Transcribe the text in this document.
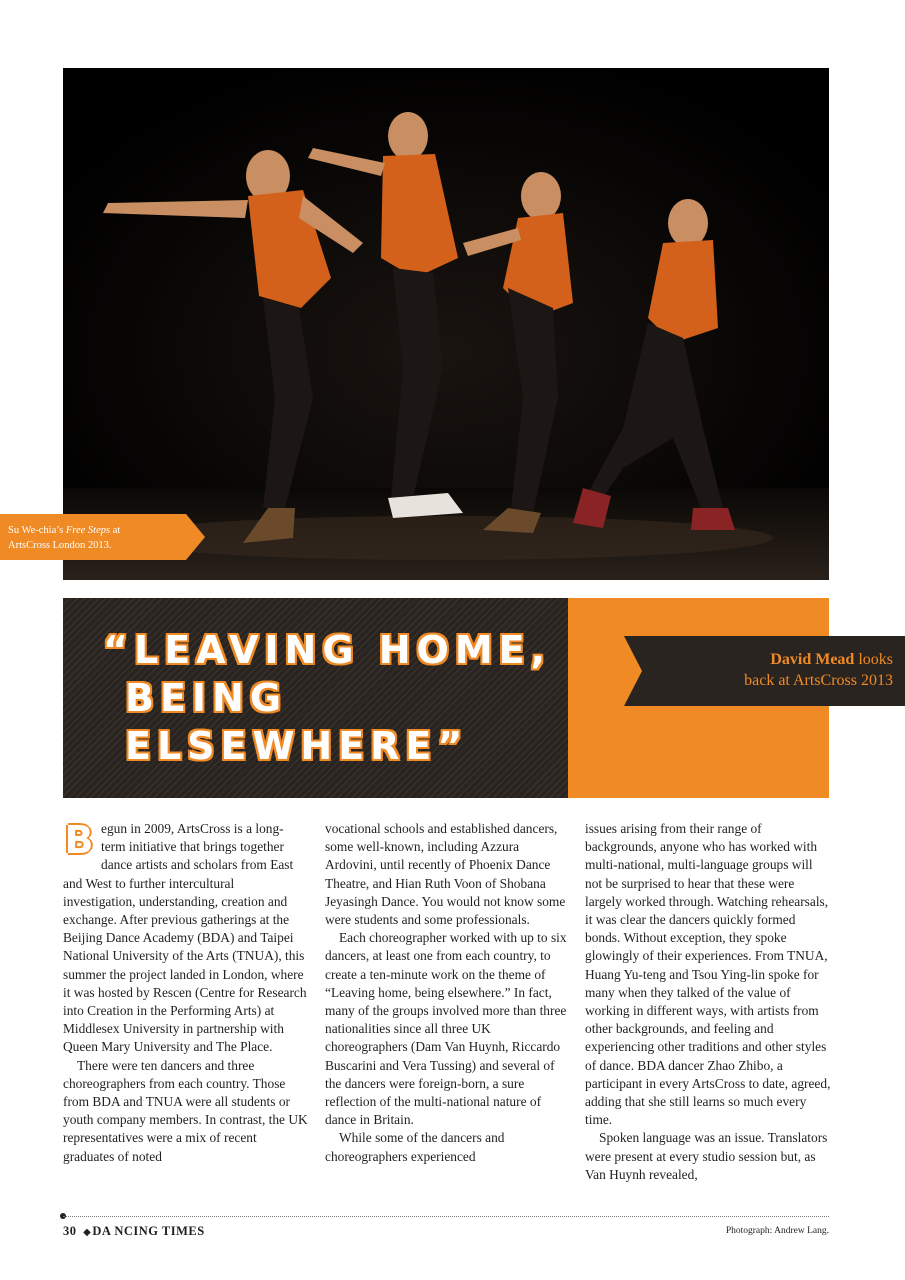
Su We-chia’s Free Steps at
ArtsCross London 2013.
“LEAVING HOME,
BEING
ELSEWHERE”
David Mead looks
back at ArtsCross 2013

Begun in 2009, ArtsCross is a long-term initiative that brings together dance artists and scholars from East and West to further intercultural investigation, understanding, creation and exchange. After previous gatherings at the Beijing Dance Academy (BDA) and Taipei National University of the Arts (TNUA), this summer the project landed in London, where it was hosted by Rescen (Centre for Research into Creation in the Performing Arts) at Middlesex University in partnership with Queen Mary University and The Place.

There were ten dancers and three choreographers from each country. Those from BDA and TNUA were all students or youth company members. In contrast, the UK representatives were a mix of recent graduates of noted

vocational schools and established dancers, some well-known, including Azzura Ardovini, until recently of Phoenix Dance Theatre, and Hian Ruth Voon of Shobana Jeyasingh Dance. You would not know some were students and some professionals.

Each choreographer worked with up to six dancers, at least one from each country, to create a ten-minute work on the theme of “Leaving home, being elsewhere.” In fact, many of the groups involved more than three nationalities since all three UK choreographers (Dam Van Huynh, Riccardo Buscarini and Vera Tussing) and several of the dancers were foreign-born, a sure reflection of the multi-national nature of dance in Britain.

While some of the dancers and choreographers experienced

issues arising from their range of backgrounds, anyone who has worked with multi-national, multi-language groups will not be surprised to hear that these were largely worked through. Watching rehearsals, it was clear the dancers quickly formed bonds. Without exception, they spoke glowingly of their experiences. From TNUA, Huang Yu-teng and Tsou Ying-lin spoke for many when they talked of the value of working in different ways, with artists from other backgrounds, and feeling and experiencing other traditions and other styles of dance. BDA dancer Zhao Zhibo, a participant in every ArtsCross to date, agreed, adding that she still learns so much every time.

Spoken language was an issue. Translators were present at every studio session but, as Van Huynh revealed,

30 ◆DA NCING TIMES	Photograph: Andrew Lang.
